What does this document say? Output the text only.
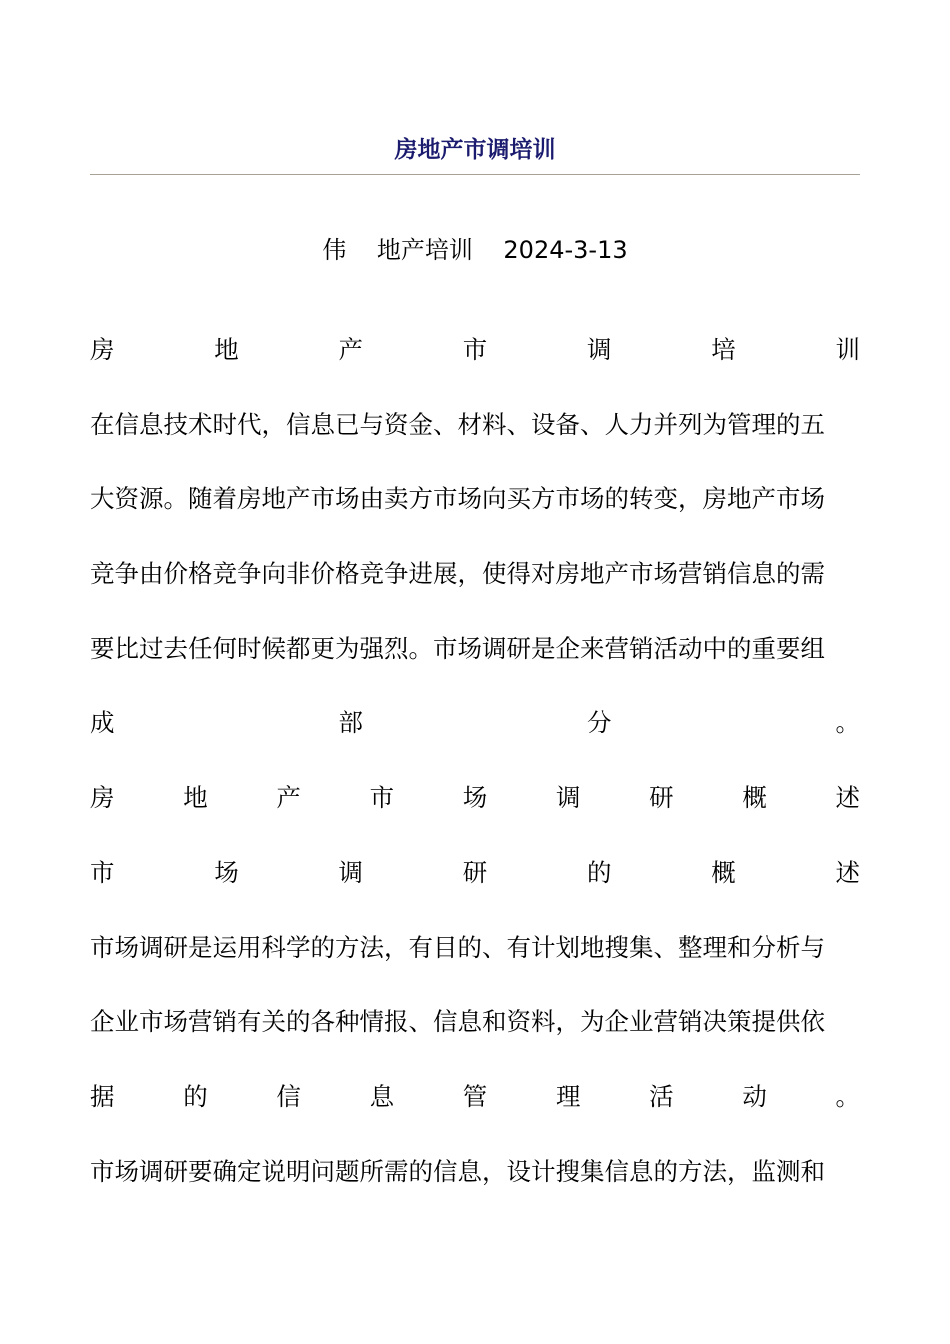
房地产市调培训
伟    地产培训    2024-3-13
房	地	产	市	调	培	训
在信息技术时代，信息已与资金、材料、设备、人力并列为管理的五
大资源。随着房地产市场由卖方市场向买方市场的转变，房地产市场
竞争由价格竞争向非价格竞争进展，使得对房地产市场营销信息的需
要比过去任何时候都更为强烈。市场调研是企来营销活动中的重要组
成	部	分	。
房	地	产	市	场	调	研	概	述
市	场	调	研	的	概	述
市场调研是运用科学的方法，有目的、有计划地搜集、整理和分析与
企业市场营销有关的各种情报、信息和资料，为企业营销决策提供依
据	的	信	息	管	理	活	动	。
市场调研要确定说明问题所需的信息，设计搜集信息的方法，监测和
